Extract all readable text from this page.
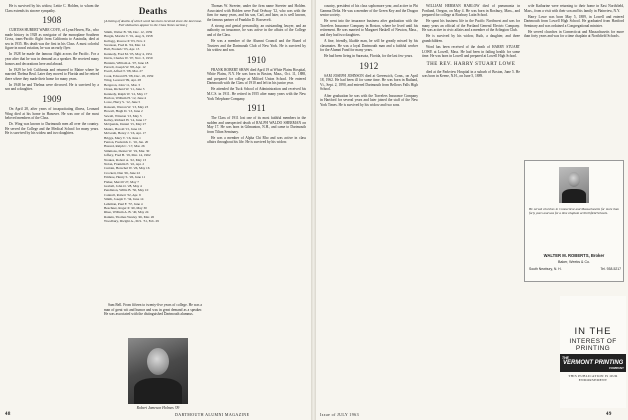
He is survived by his widow, Lettie C. Holden, to whom the Class extends its sincere sympathy.

1908

CURTISS HUBERT WARE COYE, of Lynn Haven, Fla., who made history in 1928 as navigator of the monoplane Southern Cross, trans-Pacific flight from California to Australia, died at sea in 1935. His death was the first in his Class. A most colorful figure in naval aviation, he was an early flyer.

In 1928 he made the famous flight across the Pacific. For a year after that he was in demand as a speaker. He received many honors and decorations here and abroad.

In 1929 he left California and returned to Maine where he married Thelma Beal. Later they moved to Florida and he retired there where they made their home for many years.

In 1948 he and Thelma were divorced. He is survived by a son and a daughter.

1909

On April 28, after years of incapacitating illness, Leonard Wing died at his home in Hanover. He was one of the most beloved members of the Class.

Dr. Wing was known to Dartmouth men all over the country. He served the College and the Medical School for many years. He is survived by his widow and two daughters.

Deaths
[A listing of deaths of which word has been received since the last issue. Full obituaries appear in the Class Notes section.]
Smith, Walter B. '96, Dec. 12, 1959
Burgin, Marvin T. '01, Aug. 9, 1958
Kellogg, Roscoe P. '03, Nov. 2
Swanson, Fred R. '04, Mar. 14
Hall, Frederic '05, Apr. 13
Kennedy, Fred M. '05, May 4, 1951
Davis, Charles W. '07, Nov. 3, 1959
Henlein, William A. '07, June 18
Purcell, Joseph W. '08, Apr. 12
Ewell, Alfred T. '08, Mar. 27
Cook, Edward H. '08, Dec. 18, 1959
Wing, Leonard '09, Apr. 28
Bergeron, John '11, Mar. 3
Chase, Richard W. '11, June 3
Kennedy, Ralph W. '12, May 17
Harlow, William H. '12, June 4
Lowe, Harry S. '12, June 5
Ransom, Warren W. '13, May 23
Howell, Hugh D. '13, June 2
Sewall, Winston '13, May 5
Kelley, Richard H. '14, June 17
McQuaide, Daniel '15, May 27
Munro, Harold '15, June 16
McGrath, Henry J. '16, Apr. 17
Briggs, Mary T. '16, June 1
Fenton, Frederick C. '16, Jan. 20
Hazard, Ralph C. '17, Mar. 26
Simmons, Dexter W. '19, Mar. 30
Jeffery, Fred B. '19, Mar. 14, 1962
Noakes, Robert A. '22, May 13
Nolan, Franklin E. '22, Apr. 2
Curtain, Herschel W. '26, May 16
Crockett, Dan '26, June 22
Embree, Henry S. '26, June 11
Fisher, Merrill '27, May 7
Grebell, John O. '28, May 4
Pendleton, Willis B. '30, May 10
Cantrell, Robert '32, Apr. 9
Smith, Joseph T. '34, June 14
Lehrman, Paul F. '37, June 4
Beechner, Roger P. '40, May 30
Rhee, William A. B. '40, May 24
Rankin, Thomas Wesley '46, Mar. 26
Woodbury, Dwight A., M.S. '31, Feb. 29

Sam Bell. From fifteen to twenty-five years of college. He was a man of great wit and humor and was in great demand as a speaker. He was associated with the distinguished Dartmouth alumnus.

Robert Jameson Holmes '09

Thomas W. Streeter, under the firm name Streeter and Holden. Associated with Holden were Paul Ordway '12, who was with the firm for many years, and his son, Carl, and later, as is well known, the famous partner of Franklin D. Roosevelt.

A strong and genial personality, an outstanding lawyer, and an authority on insurance, he was active in the affairs of the College and of the Class.

He was a member of the Alumni Council and the Board of Trustees and the Dartmouth Club of New York. He is survived by his widow and son.

1910

FRANK ROBERT SHAW died April 19 at White Plains Hospital, White Plains, N.Y. He was born in Boston, Mass., Oct. 11, 1888, and prepared for college at Milford Union School. He entered Dartmouth with the Class of 1910 and left in his junior year.

He attended the Tuck School of Administration and received his M.C.S. in 1911. He retired in 1955 after many years with the New York Telephone Company.

1911

The Class of 1911 lost one of its most faithful members in the sudden and unexpected death of RALPH WALDO SHERMAN on May 17. He was born in Gilmanton, N.H., and came to Dartmouth from Tilton Seminary.

He was a member of Alpha Chi Rho and was active in class affairs throughout his life. He is survived by his widow.

48	DARTMOUTH ALUMNI MAGAZINE

country, president of his class sophomore year, and active in Phi Gamma Delta. He was a member of the Green Key and the Dragon senior society.

He went into the insurance business after graduation with the Travelers Insurance Company in Boston, where he lived until his retirement. He was married to Margaret Haskell of Newton, Mass., and they had two daughters.

A fine, friendly, likable man, he will be greatly missed by his classmates. He was a loyal Dartmouth man and a faithful worker for the Alumni Fund for many years.

He had been living in Sarasota, Florida, for the last few years.

1912

SAM JOSEPH JOHNSON died at Greenwich, Conn., on April 18, 1962. He had been ill for some time. He was born in Rutland, Vt., Sept. 2, 1890, and entered Dartmouth from Bellows Falls High School.

After graduation he was with the Travelers Insurance Company in Hartford for several years and later joined the staff of the New York Times. He is survived by his widow and two sons.

WILLIAM HERMAN HARLOW died of pneumonia in Portland, Oregon, on May 4. He was born in Roxbury, Mass., and prepared for college at Roxbury Latin School.

He spent his business life in the Pacific Northwest and was for many years an official of the Portland General Electric Company. He was active in civic affairs and a member of the Arlington Club.

He is survived by his widow, Ruth, a daughter, and three grandchildren.

Word has been received of the death of HARRY STUART LOWE at Lowell, Mass. He had been in failing health for some time. He was born in Lowell and prepared at Lowell High School.

THE REV. HARRY STUART LOWE

died at the Parkview Hospital in a suburb of Boston, June 5. He was born in Keene, N.H., on June 5, 1889.

wife Katharine were returning to their home in East Northfield, Mass., from a visit with their son and his family in Plainview, N.Y.

Harry Lowe was born May 5, 1889, in Lowell and entered Dartmouth from Lowell High School. He graduated from Hartford Seminary and was ordained a Congregational minister.

He served churches in Connecticut and Massachusetts for more than forty years and was for a time chaplain at Northfield Schools.

He served churches in Connecticut and Massachusetts for more than forty years and was for a time chaplain at Northfield Schools.
WALTER M. ROBERTS, Broker
Baker, Weeks & Co.
South Newbury, N. H.	Tel. 938-5217
IN THE
INTEREST OF PRINTING
THE
VERMONT PRINTING
COMPANY
THIS PUBLICATION IS OUR ENDORSEMENT
Issue of JULY 1963	49
